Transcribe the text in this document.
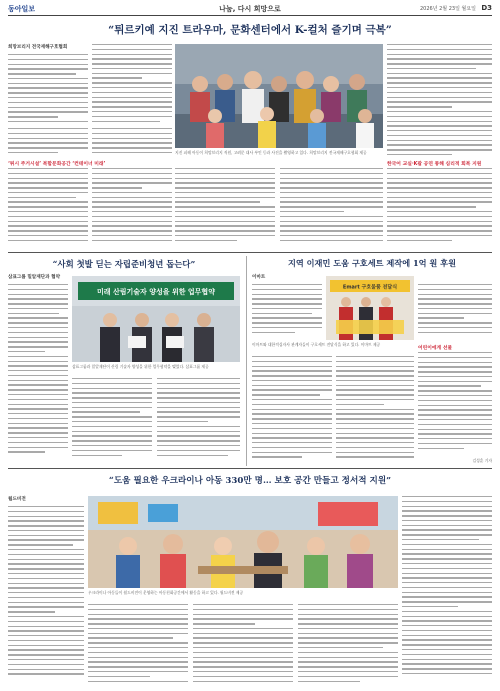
동아일보	나눔, 다시 희망으로	2026년 2월 23일 월요일 D3
“튀르키예 지진 트라우마, 문화센터에서 K-컬처 즐기며 극복”
희망브리지 전국재해구호협회
지진 피해 아동이 희망브리지 직원, 고려문 대사 부인 등과 사진을 촬영하고 있다. 희망브리지 전국재해구호협회 제공
‘튀시 주거시설’ 복합문화공간 ‘컨테이너 미래’	한국어 교실·K팝 공연 통해 심리적 회복 지원
“사회 첫발 딛는 자립준비청년 돕는다”
삼표그룹 밀알재단과 협약
미래 산림기술자 양성을 위한 업무협약
삼표그룹과 밀알재단이 산림 기술자 양성을 위한 업무협약을 맺었다. 삼표그룹 제공
지역 이재민 도움 구호세트 제작에 1억 원 후원
이마트
Emart 구호물품 전달식
이마트와 대한적십자사 관계자들이 구호세트 전달식을 하고 있다. 이마트 제공
어린이에게 선물
김성훈 기자
“도움 필요한 우크라이나 아동 330만 명… 보호 공간 만들고 정서적 지원”
월드비전
우크라이나 아동들이 월드비전이 운영하는 아동친화공간에서 활동을 하고 있다. 월드비전 제공
